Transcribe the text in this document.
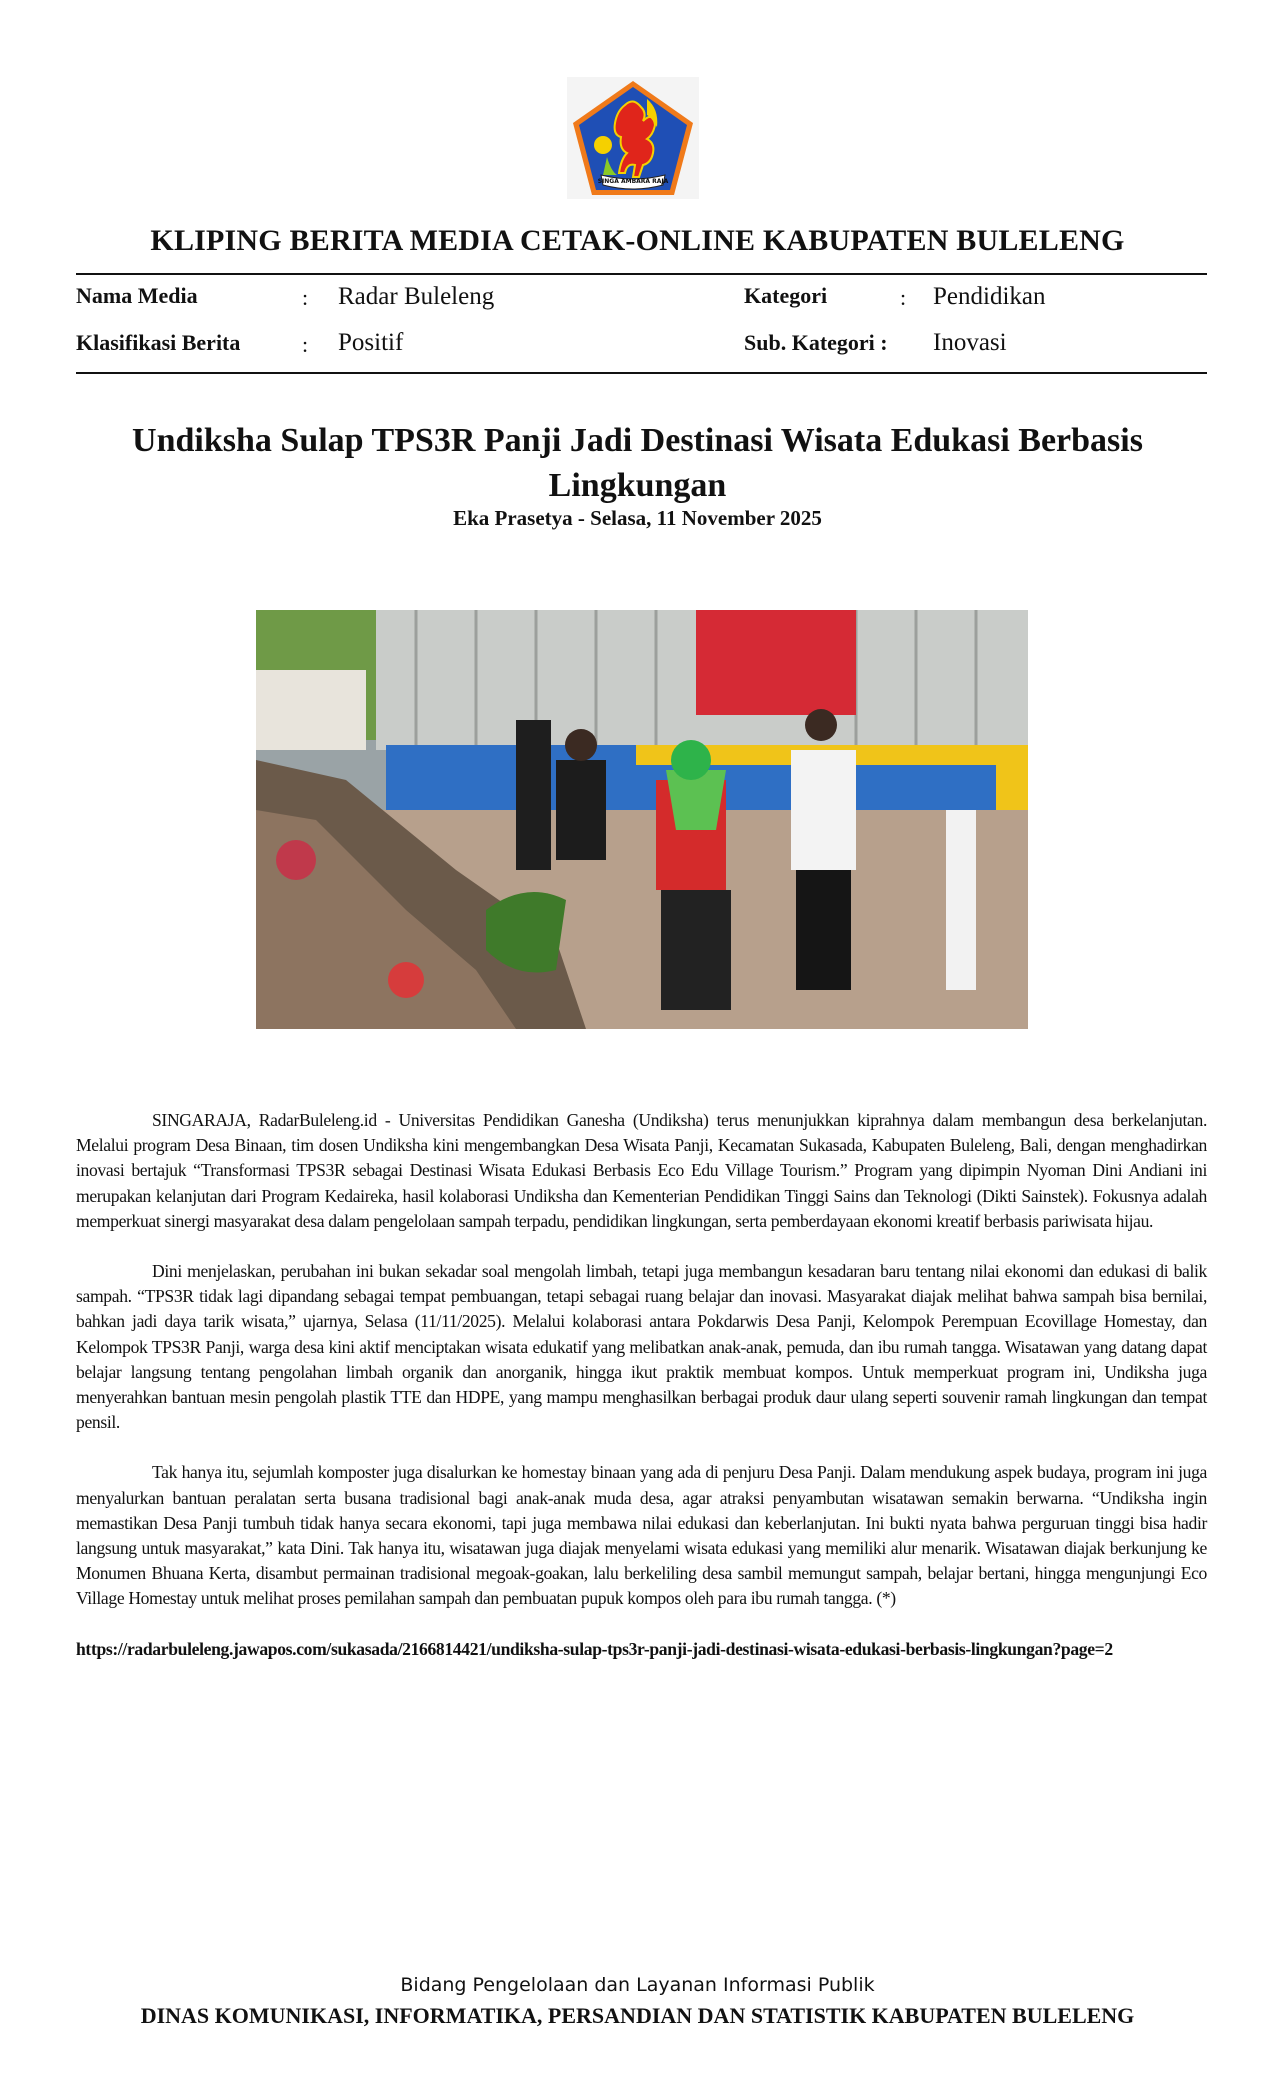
SINGA AMBARA RAJA
KLIPING BERITA MEDIA CETAK-ONLINE KABUPATEN BULELENG
Nama Media	: Radar Buleleng
Klasifikasi Berita	: Positif
Kategori	: Pendidikan
Sub. Kategori : Inovasi
Undiksha Sulap TPS3R Panji Jadi Destinasi Wisata Edukasi Berbasis Lingkungan
Eka Prasetya - Selasa, 11 November 2025

SINGARAJA, RadarBuleleng.id - Universitas Pendidikan Ganesha (Undiksha) terus menunjukkan kiprahnya dalam membangun desa berkelanjutan. Melalui program Desa Binaan, tim dosen Undiksha kini mengembangkan Desa Wisata Panji, Kecamatan Sukasada, Kabupaten Buleleng, Bali, dengan menghadirkan inovasi bertajuk “Transformasi TPS3R sebagai Destinasi Wisata Edukasi Berbasis Eco Edu Village Tourism.” Program yang dipimpin Nyoman Dini Andiani ini merupakan kelanjutan dari Program Kedaireka, hasil kolaborasi Undiksha dan Kementerian Pendidikan Tinggi Sains dan Teknologi (Dikti Sainstek). Fokusnya adalah memperkuat sinergi masyarakat desa dalam pengelolaan sampah terpadu, pendidikan lingkungan, serta pemberdayaan ekonomi kreatif berbasis pariwisata hijau.

Dini menjelaskan, perubahan ini bukan sekadar soal mengolah limbah, tetapi juga membangun kesadaran baru tentang nilai ekonomi dan edukasi di balik sampah. “TPS3R tidak lagi dipandang sebagai tempat pembuangan, tetapi sebagai ruang belajar dan inovasi. Masyarakat diajak melihat bahwa sampah bisa bernilai, bahkan jadi daya tarik wisata,” ujarnya, Selasa (11/11/2025). Melalui kolaborasi antara Pokdarwis Desa Panji, Kelompok Perempuan Ecovillage Homestay, dan Kelompok TPS3R Panji, warga desa kini aktif menciptakan wisata edukatif yang melibatkan anak-anak, pemuda, dan ibu rumah tangga. Wisatawan yang datang dapat belajar langsung tentang pengolahan limbah organik dan anorganik, hingga ikut praktik membuat kompos. Untuk memperkuat program ini, Undiksha juga menyerahkan bantuan mesin pengolah plastik TTE dan HDPE, yang mampu menghasilkan berbagai produk daur ulang seperti souvenir ramah lingkungan dan tempat pensil.

Tak hanya itu, sejumlah komposter juga disalurkan ke homestay binaan yang ada di penjuru Desa Panji. Dalam mendukung aspek budaya, program ini juga menyalurkan bantuan peralatan serta busana tradisional bagi anak-anak muda desa, agar atraksi penyambutan wisatawan semakin berwarna. “Undiksha ingin memastikan Desa Panji tumbuh tidak hanya secara ekonomi, tapi juga membawa nilai edukasi dan keberlanjutan. Ini bukti nyata bahwa perguruan tinggi bisa hadir langsung untuk masyarakat,” kata Dini. Tak hanya itu, wisatawan juga diajak menyelami wisata edukasi yang memiliki alur menarik. Wisatawan diajak berkunjung ke Monumen Bhuana Kerta, disambut permainan tradisional megoak-goakan, lalu berkeliling desa sambil memungut sampah, belajar bertani, hingga mengunjungi Eco Village Homestay untuk melihat proses pemilahan sampah dan pembuatan pupuk kompos oleh para ibu rumah tangga. (*)

https://radarbuleleng.jawapos.com/sukasada/2166814421/undiksha-sulap-tps3r-panji-jadi-destinasi-wisata-edukasi-berbasis-lingkungan?page=2

Bidang Pengelolaan dan Layanan Informasi Publik
DINAS KOMUNIKASI, INFORMATIKA, PERSANDIAN DAN STATISTIK KABUPATEN BULELENG
